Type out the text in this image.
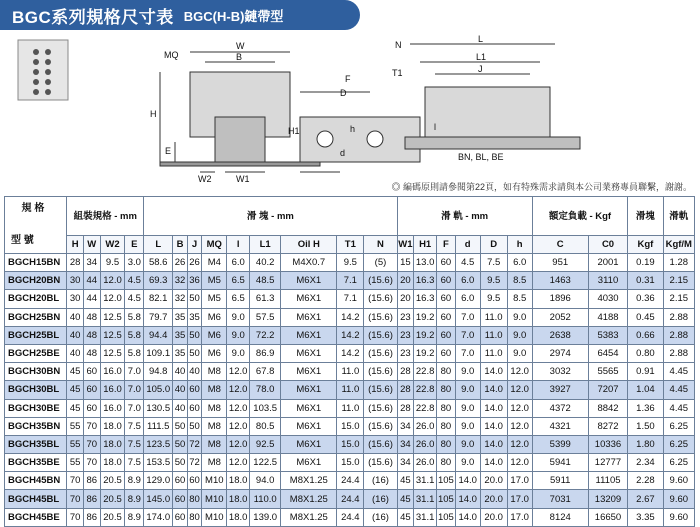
BGC系列規格尺寸表 BGC(H-B)鏈帶型
MQ
W
B
H
E
W2	W1
N
T1
F
D
h
H1
d
L
L1
J
l
BN, BL, BE
◎ 編碼原則請參閱第22頁，如有特殊需求請與本公司業務專員聯繫，謝謝。
規 格
型 號	組裝規格 - mm				滑 塊 - mm									滑 軌 - mm						額定負載 - Kgf		滑塊	滑軌
	H	W	W2	E	L	B	J	MQ	l	L1	Oil H	T1	N	W1	H1	F	d	D	h	C	C0	Kgf	Kgf/M
BGCH15BN	28	34	9.5	3.0	58.6	26	26	M4	6.0	40.2	M4X0.7	9.5	(5)	15	13.0	60	4.5	7.5	6.0	951	2001	0.19	1.28
BGCH20BN	30	44	12.0	4.5	69.3	32	36	M5	6.5	48.5	M6X1	7.1	(15.6)	20	16.3	60	6.0	9.5	8.5	1463	3110	0.31	2.15
BGCH20BL	30	44	12.0	4.5	82.1	32	50	M5	6.5	61.3	M6X1	7.1	(15.6)	20	16.3	60	6.0	9.5	8.5	1896	4030	0.36	2.15
BGCH25BN	40	48	12.5	5.8	79.7	35	35	M6	9.0	57.5	M6X1	14.2	(15.6)	23	19.2	60	7.0	11.0	9.0	2052	4188	0.45	2.88
BGCH25BL	40	48	12.5	5.8	94.4	35	50	M6	9.0	72.2	M6X1	14.2	(15.6)	23	19.2	60	7.0	11.0	9.0	2638	5383	0.66	2.88
BGCH25BE	40	48	12.5	5.8	109.1	35	50	M6	9.0	86.9	M6X1	14.2	(15.6)	23	19.2	60	7.0	11.0	9.0	2974	6454	0.80	2.88
BGCH30BN	45	60	16.0	7.0	94.8	40	40	M8	12.0	67.8	M6X1	11.0	(15.6)	28	22.8	80	9.0	14.0	12.0	3032	5565	0.91	4.45
BGCH30BL	45	60	16.0	7.0	105.0	40	60	M8	12.0	78.0	M6X1	11.0	(15.6)	28	22.8	80	9.0	14.0	12.0	3927	7207	1.04	4.45
BGCH30BE	45	60	16.0	7.0	130.5	40	60	M8	12.0	103.5	M6X1	11.0	(15.6)	28	22.8	80	9.0	14.0	12.0	4372	8842	1.36	4.45
BGCH35BN	55	70	18.0	7.5	111.5	50	50	M8	12.0	80.5	M6X1	15.0	(15.6)	34	26.0	80	9.0	14.0	12.0	4321	8272	1.50	6.25
BGCH35BL	55	70	18.0	7.5	123.5	50	72	M8	12.0	92.5	M6X1	15.0	(15.6)	34	26.0	80	9.0	14.0	12.0	5399	10336	1.80	6.25
BGCH35BE	55	70	18.0	7.5	153.5	50	72	M8	12.0	122.5	M6X1	15.0	(15.6)	34	26.0	80	9.0	14.0	12.0	5941	12777	2.34	6.25
BGCH45BN	70	86	20.5	8.9	129.0	60	60	M10	18.0	94.0	M8X1.25	24.4	(16)	45	31.1	105	14.0	20.0	17.0	5911	11105	2.28	9.60
BGCH45BL	70	86	20.5	8.9	145.0	60	80	M10	18.0	110.0	M8X1.25	24.4	(16)	45	31.1	105	14.0	20.0	17.0	7031	13209	2.67	9.60
BGCH45BE	70	86	20.5	8.9	174.0	60	80	M10	18.0	139.0	M8X1.25	24.4	(16)	45	31.1	105	14.0	20.0	17.0	8124	16650	3.35	9.60
